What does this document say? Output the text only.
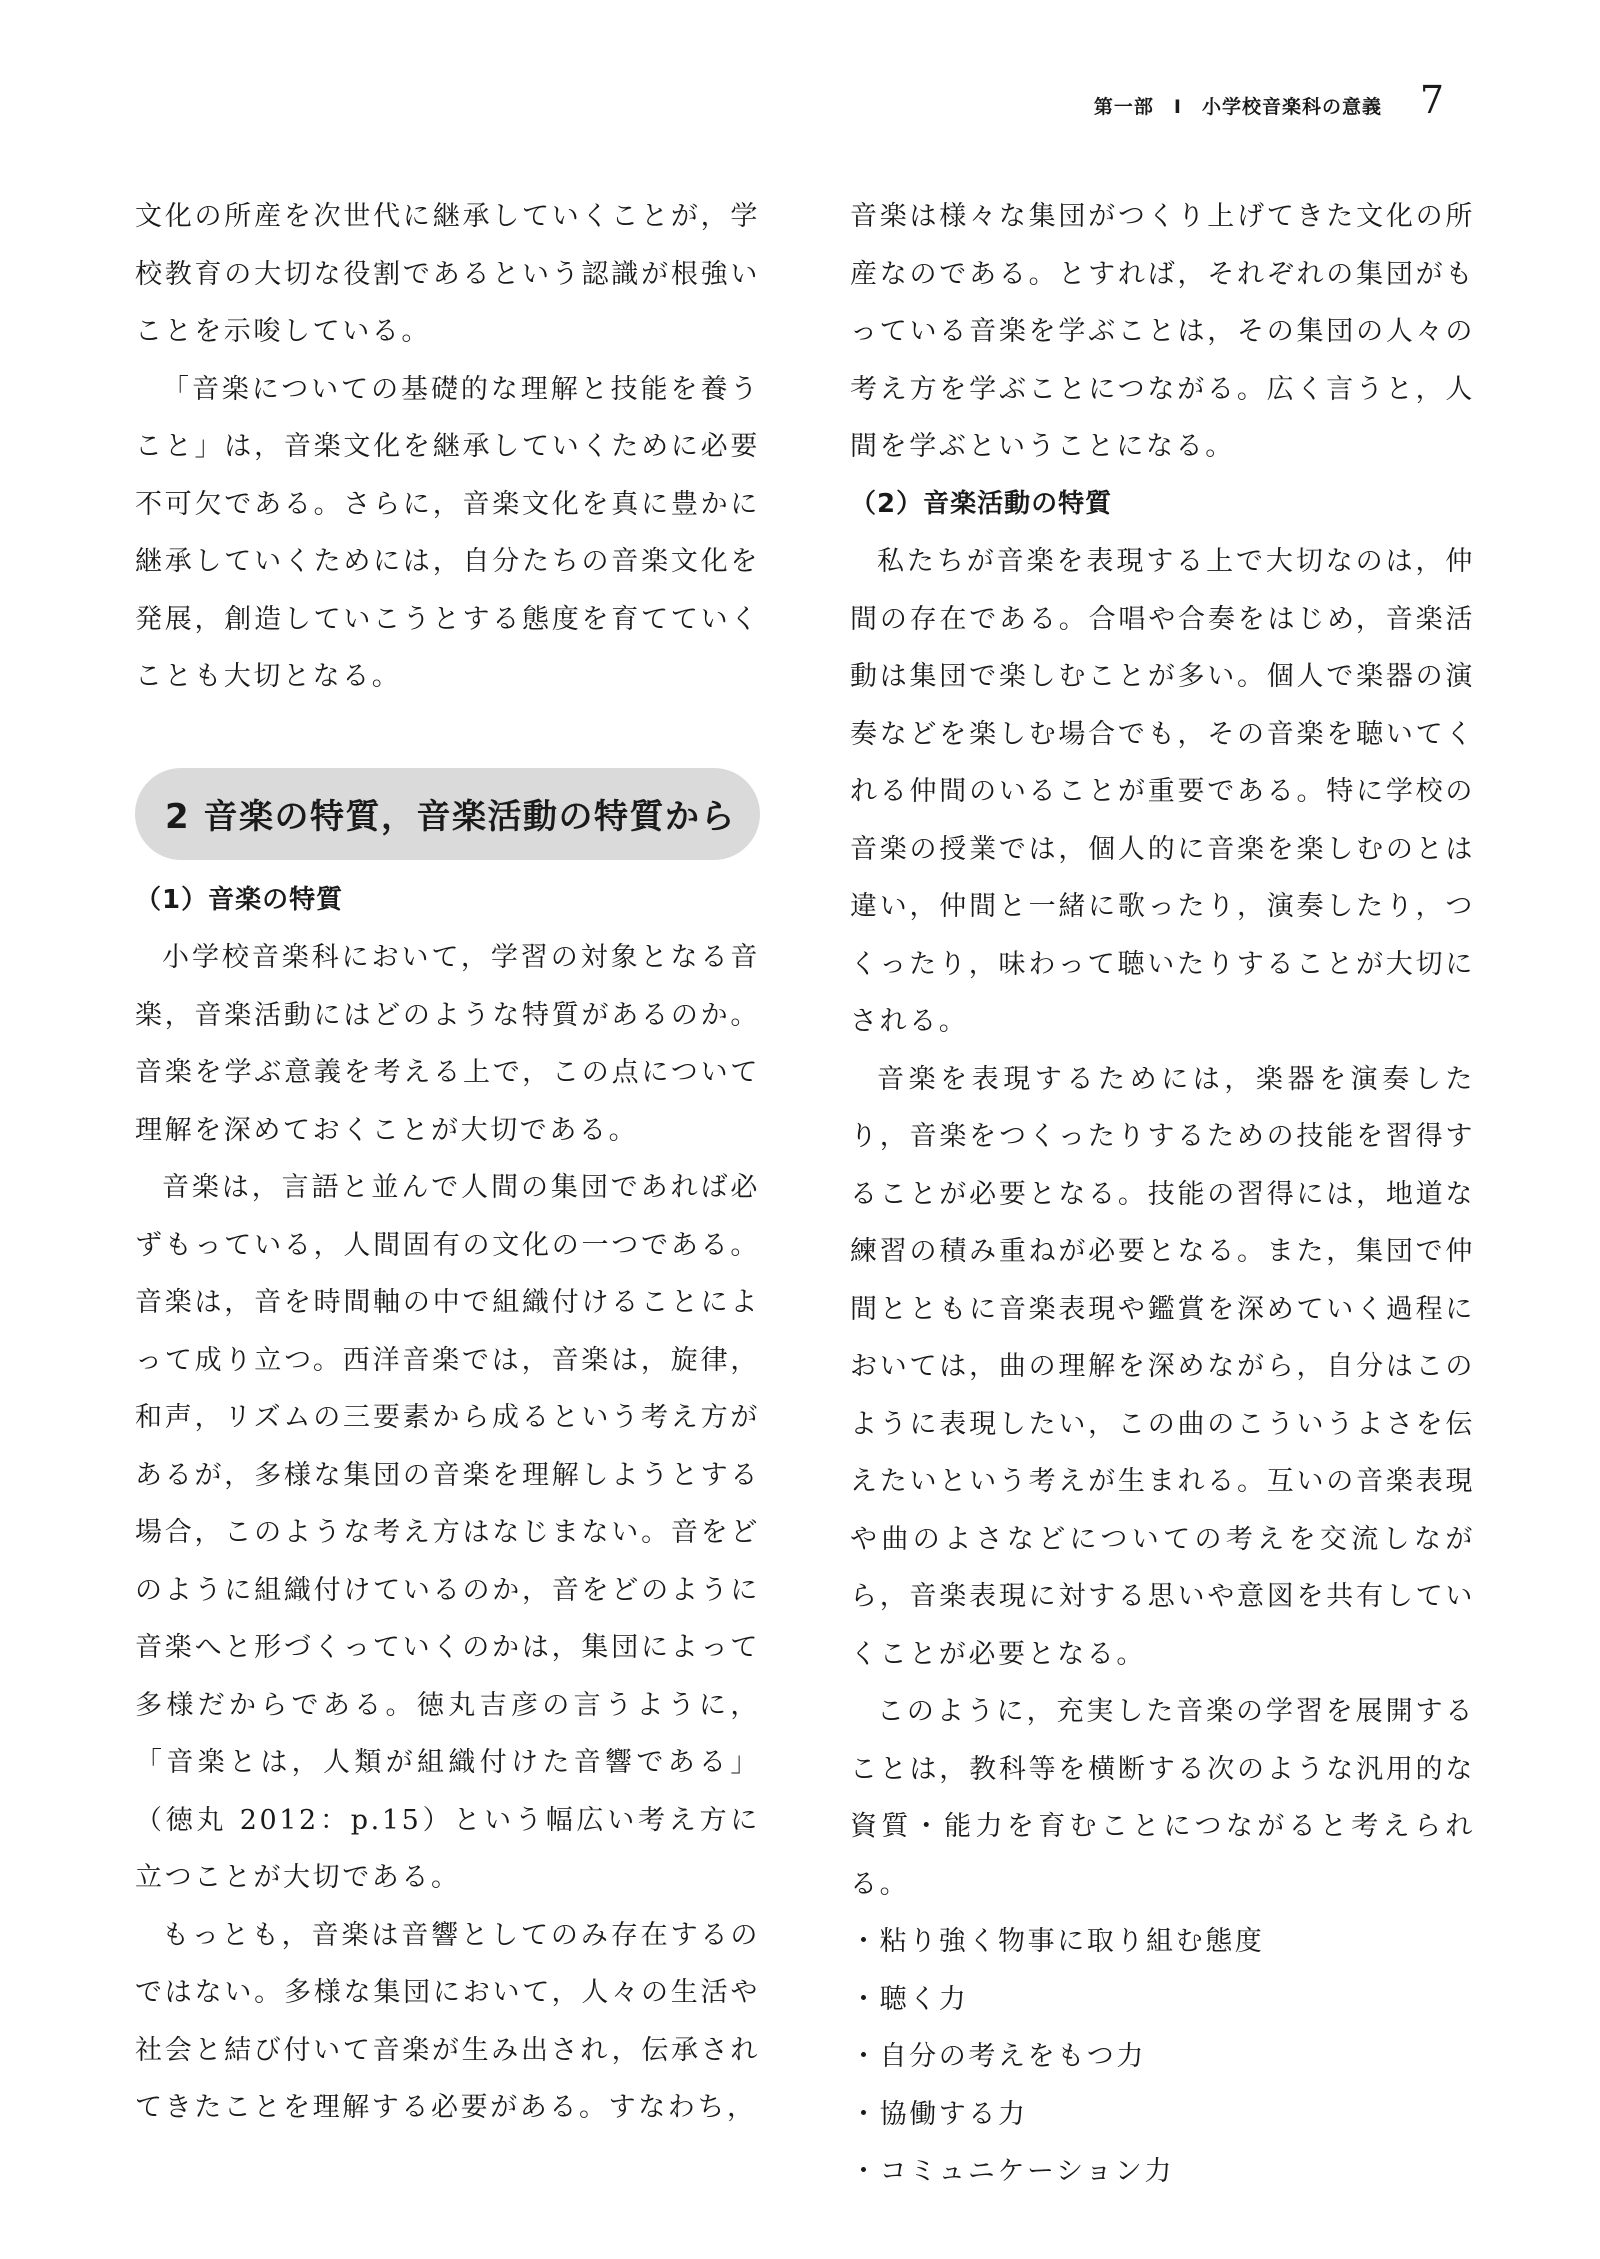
第一部　Ⅰ　小学校音楽科の意義 7

文化の所産を次世代に継承していくことが，学校教育の大切な役割であるという認識が根強いことを示唆している。

「音楽についての基礎的な理解と技能を養うこと」は，音楽文化を継承していくために必要不可欠である。さらに，音楽文化を真に豊かに継承していくためには，自分たちの音楽文化を発展，創造していこうとする態度を育てていくことも大切となる。

2 音楽の特質，音楽活動の特質から
（1）音楽の特質

小学校音楽科において，学習の対象となる音楽，音楽活動にはどのような特質があるのか。音楽を学ぶ意義を考える上で，この点について理解を深めておくことが大切である。

音楽は，言語と並んで人間の集団であれば必ずもっている，人間固有の文化の一つである。音楽は，音を時間軸の中で組織付けることによって成り立つ。西洋音楽では，音楽は，旋律，和声，リズムの三要素から成るという考え方があるが，多様な集団の音楽を理解しようとする場合，このような考え方はなじまない。音をどのように組織付けているのか，音をどのように音楽へと形づくっていくのかは，集団によって多様だからである。徳丸吉彦の言うように，「音楽とは，人類が組織付けた音響である」（徳丸 2012：p.15）という幅広い考え方に立つことが大切である。

もっとも，音楽は音響としてのみ存在するのではない。多様な集団において，人々の生活や社会と結び付いて音楽が生み出され，伝承されてきたことを理解する必要がある。すなわち，

音楽は様々な集団がつくり上げてきた文化の所産なのである。とすれば，それぞれの集団がもっている音楽を学ぶことは，その集団の人々の考え方を学ぶことにつながる。広く言うと，人間を学ぶということになる。

（2）音楽活動の特質

私たちが音楽を表現する上で大切なのは，仲間の存在である。合唱や合奏をはじめ，音楽活動は集団で楽しむことが多い。個人で楽器の演奏などを楽しむ場合でも，その音楽を聴いてくれる仲間のいることが重要である。特に学校の音楽の授業では，個人的に音楽を楽しむのとは違い，仲間と一緒に歌ったり，演奏したり，つくったり，味わって聴いたりすることが大切にされる。

音楽を表現するためには，楽器を演奏したり，音楽をつくったりするための技能を習得することが必要となる。技能の習得には，地道な練習の積み重ねが必要となる。また，集団で仲間とともに音楽表現や鑑賞を深めていく過程においては，曲の理解を深めながら，自分はこのように表現したい，この曲のこういうよさを伝えたいという考えが生まれる。互いの音楽表現や曲のよさなどについての考えを交流しながら，音楽表現に対する思いや意図を共有していくことが必要となる。

このように，充実した音楽の学習を展開することは，教科等を横断する次のような汎用的な資質・能力を育むことにつながると考えられる。

・粘り強く物事に取り組む態度
・聴く力
・自分の考えをもつ力
・協働する力
・コミュニケーション力
